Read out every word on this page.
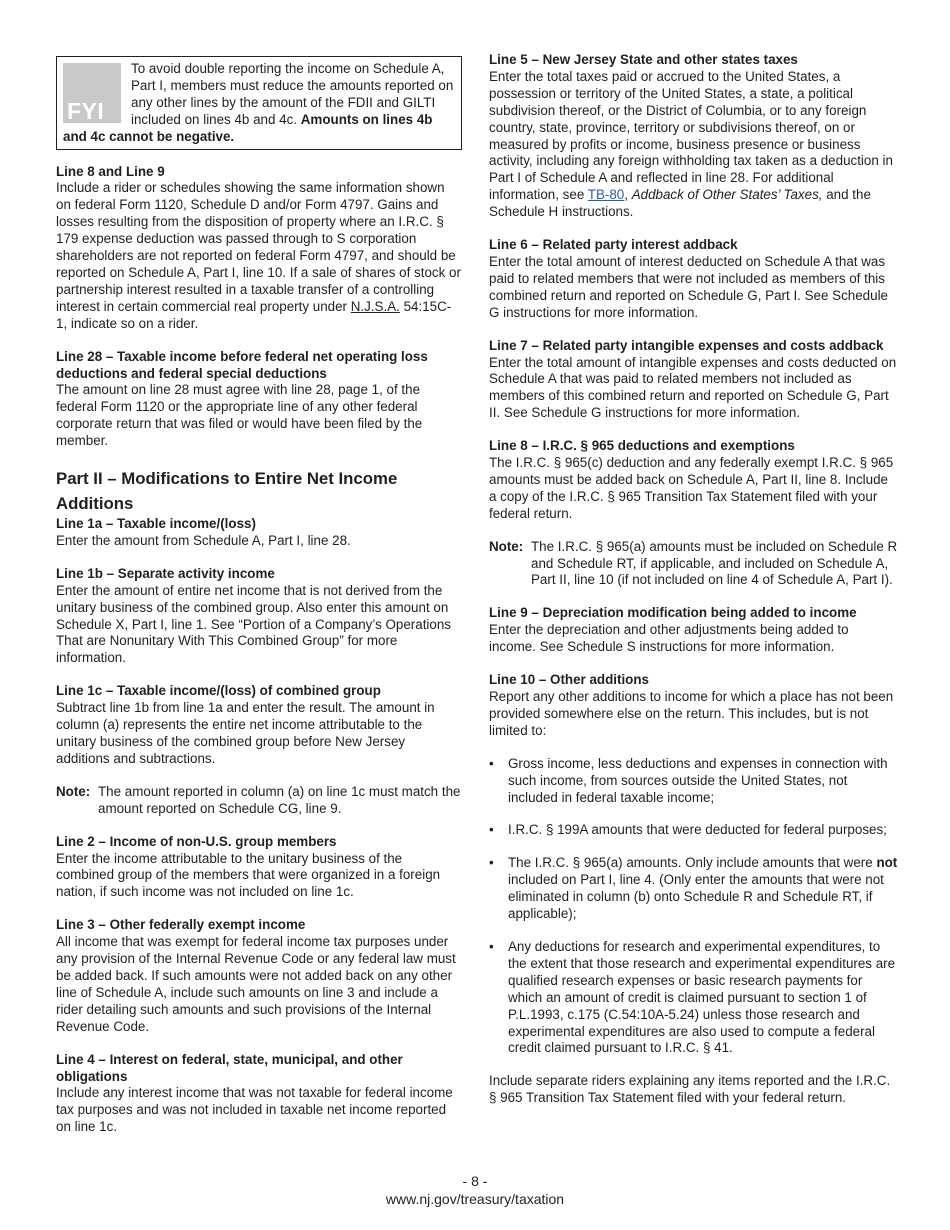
FYI

To avoid double reporting the income on Schedule A, Part I, members must reduce the amounts reported on any other lines by the amount of the FDII and GILTI included on lines 4b and 4c. Amounts on lines 4b and 4c cannot be negative.

Line 8 and Line 9

Include a rider or schedules showing the same information shown on federal Form 1120, Schedule D and/or Form 4797. Gains and losses resulting from the disposition of property where an I.R.C. § 179 expense deduction was passed through to S corporation shareholders are not reported on federal Form 4797, and should be reported on Schedule A, Part I, line 10. If a sale of shares of stock or partnership interest resulted in a taxable transfer of a controlling interest in certain commercial real property under N.J.S.A. 54:15C-1, indicate so on a rider.

Line 28 – Taxable income before federal net operating loss deductions and federal special deductions

The amount on line 28 must agree with line 28, page 1, of the federal Form 1120 or the appropriate line of any other federal corporate return that was filed or would have been filed by the member.

Part II – Modifications to Entire Net Income
Additions
Line 1a – Taxable income/(loss)

Enter the amount from Schedule A, Part I, line 28.

Line 1b – Separate activity income

Enter the amount of entire net income that is not derived from the unitary business of the combined group. Also enter this amount on Schedule X, Part I, line 1. See “Portion of a Company’s Operations That are Nonunitary With This Combined Group” for more information.

Line 1c – Taxable income/(loss) of combined group

Subtract line 1b from line 1a and enter the result. The amount in column (a) represents the entire net income attributable to the unitary business of the combined group before New Jersey additions and subtractions.

Note: The amount reported in column (a) on line 1c must match the amount reported on Schedule CG, line 9.
Line 2 – Income of non-U.S. group members

Enter the income attributable to the unitary business of the combined group of the members that were organized in a foreign nation, if such income was not included on line 1c.

Line 3 – Other federally exempt income

All income that was exempt for federal income tax purposes under any provision of the Internal Revenue Code or any federal law must be added back. If such amounts were not added back on any other line of Schedule A, include such amounts on line 3 and include a rider detailing such amounts and such provisions of the Internal Revenue Code.

Line 4 – Interest on federal, state, municipal, and other obligations

Include any interest income that was not taxable for federal income tax purposes and was not included in taxable net income reported on line 1c.

Line 5 – New Jersey State and other states taxes

Enter the total taxes paid or accrued to the United States, a possession or territory of the United States, a state, a political subdivision thereof, or the District of Columbia, or to any foreign country, state, province, territory or subdivisions thereof, on or measured by profits or income, business presence or business activity, including any foreign withholding tax taken as a deduction in Part I of Schedule A and reflected in line 28. For additional information, see TB-80, Addback of Other States’ Taxes, and the Schedule H instructions.

Line 6 – Related party interest addback

Enter the total amount of interest deducted on Schedule A that was paid to related members that were not included as members of this combined return and reported on Schedule G, Part I. See Schedule G instructions for more information.

Line 7 – Related party intangible expenses and costs addback

Enter the total amount of intangible expenses and costs deducted on Schedule A that was paid to related members not included as members of this combined return and reported on Schedule G, Part II. See Schedule G instructions for more information.

Line 8 – I.R.C. § 965 deductions and exemptions

The I.R.C. § 965(c) deduction and any federally exempt I.R.C. § 965 amounts must be added back on Schedule A, Part II, line 8. Include a copy of the I.R.C. § 965 Transition Tax Statement filed with your federal return.

Note: The I.R.C. § 965(a) amounts must be included on Schedule R and Schedule RT, if applicable, and included on Schedule A, Part II, line 10 (if not included on line 4 of Schedule A, Part I).
Line 9 – Depreciation modification being added to income

Enter the depreciation and other adjustments being added to income. See Schedule S instructions for more information.

Line 10 – Other additions

Report any other additions to income for which a place has not been provided somewhere else on the return. This includes, but is not limited to:

• Gross income, less deductions and expenses in connection with such income, from sources outside the United States, not included in federal taxable income;
• I.R.C. § 199A amounts that were deducted for federal purposes;
• The I.R.C. § 965(a) amounts. Only include amounts that were not included on Part I, line 4. (Only enter the amounts that were not eliminated in column (b) onto Schedule R and Schedule RT, if applicable);
• Any deductions for research and experimental expenditures, to the extent that those research and experimental expenditures are qualified research expenses or basic research payments for which an amount of credit is claimed pursuant to section 1 of P.L.1993, c.175 (C.54:10A-5.24) unless those research and experimental expenditures are also used to compute a federal credit claimed pursuant to I.R.C. § 41.

Include separate riders explaining any items reported and the I.R.C. § 965 Transition Tax Statement filed with your federal return.

- 8 -
www.nj.gov/treasury/taxation
